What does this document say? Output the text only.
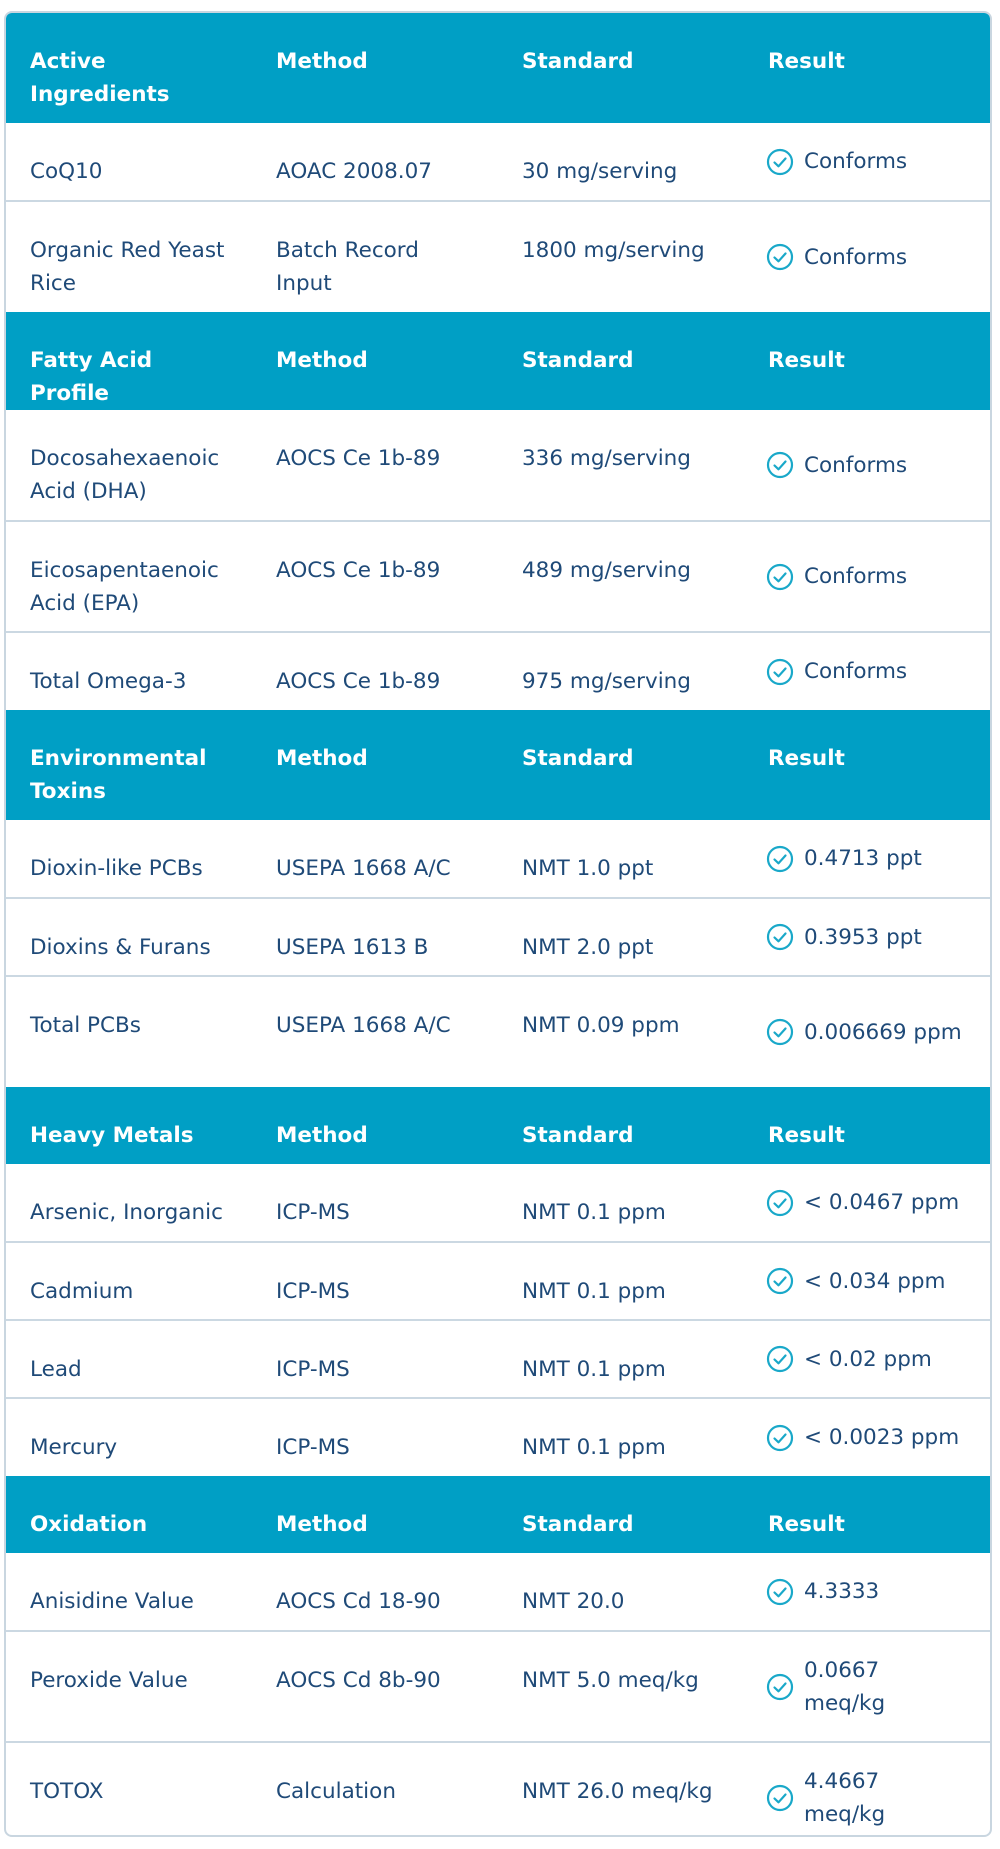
Active Ingredients	Method	Standard	Result
CoQ10	AOAC 2008.07	30 mg/serving	Conforms

Organic Red Yeast Rice	Batch Record Input	1800 mg/serving	Conforms

Fatty Acid Profile	Method	Standard	Result
Docosahexaenoic Acid (DHA)	AOCS Ce 1b-89	336 mg/serving	Conforms

Eicosapentaenoic Acid (EPA)	AOCS Ce 1b-89	489 mg/serving	Conforms

Total Omega-3	AOCS Ce 1b-89	975 mg/serving	Conforms

Environmental Toxins	Method	Standard	Result
Dioxin-like PCBs	USEPA 1668 A/C	NMT 1.0 ppt	0.4713 ppt

Dioxins & Furans	USEPA 1613 B	NMT 2.0 ppt	0.3953 ppt

Total PCBs	USEPA 1668 A/C	NMT 0.09 ppm	0.006669 ppm

Heavy Metals	Method	Standard	Result
Arsenic, Inorganic	ICP-MS	NMT 0.1 ppm	< 0.0467 ppm

Cadmium	ICP-MS	NMT 0.1 ppm	< 0.034 ppm

Lead	ICP-MS	NMT 0.1 ppm	< 0.02 ppm

Mercury	ICP-MS	NMT 0.1 ppm	< 0.0023 ppm

Oxidation	Method	Standard	Result
Anisidine Value	AOCS Cd 18-90	NMT 20.0	4.3333

Peroxide Value	AOCS Cd 8b-90	NMT 5.0 meq/kg	0.0667 meq/kg

TOTOX	Calculation	NMT 26.0 meq/kg	4.4667 meq/kg
